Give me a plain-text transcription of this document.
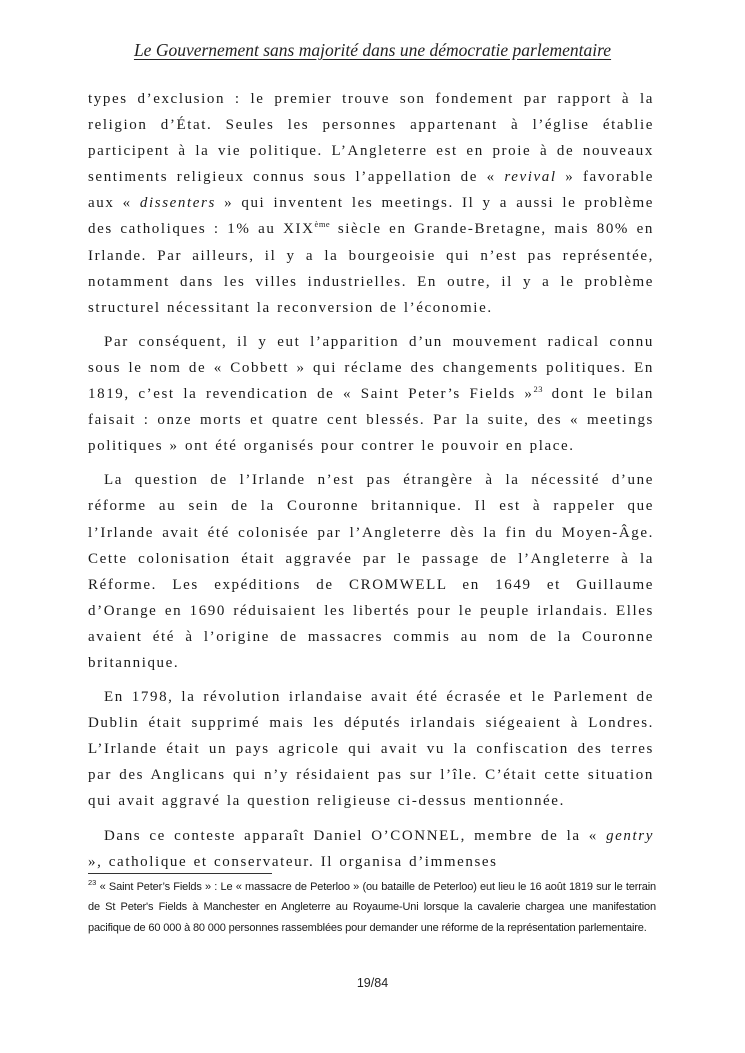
Le Gouvernement sans majorité dans une démocratie parlementaire

types d’exclusion : le premier trouve son fondement par rapport à la religion d’État. Seules les personnes appartenant à l’église établie participent à la vie politique. L’Angleterre est en proie à de nouveaux sentiments religieux connus sous l’appellation de « revival » favorable aux « dissenters » qui inventent les meetings. Il y a aussi le problème des catholiques : 1% au XIXème siècle en Grande-Bretagne, mais 80% en Irlande. Par ailleurs, il y a la bourgeoisie qui n’est pas représentée, notamment dans les villes industrielles. En outre, il y a le problème structurel nécessitant la reconversion de l’économie.

Par conséquent, il y eut l’apparition d’un mouvement radical connu sous le nom de « Cobbett » qui réclame des changements politiques. En 1819, c’est la revendication de « Saint Peter’s Fields »$^{23}$ dont le bilan faisait : onze morts et quatre cent blessés. Par la suite, des « meetings politiques » ont été organisés pour contrer le pouvoir en place.

La question de l’Irlande n’est pas étrangère à la nécessité d’une réforme au sein de la Couronne britannique. Il est à rappeler que l’Irlande avait été colonisée par l’Angleterre dès la fin du Moyen-Âge. Cette colonisation était aggravée par le passage de l’Angleterre à la Réforme. Les expéditions de CROMWELL en 1649 et Guillaume d’Orange en 1690 réduisaient les libertés pour le peuple irlandais. Elles avaient été à l’origine de massacres commis au nom de la Couronne britannique.

En 1798, la révolution irlandaise avait été écrasée et le Parlement de Dublin était supprimé mais les députés irlandais siégeaient à Londres. L’Irlande était un pays agricole qui avait vu la confiscation des terres par des Anglicans qui n’y résidaient pas sur l’île. C’était cette situation qui avait aggravé la question religieuse ci-dessus mentionnée.

Dans ce conteste apparaît Daniel O’CONNEL, membre de la « gentry », catholique et conservateur. Il organisa d’immenses

$^{23}$ « Saint Peter’s Fields » : Le « massacre de Peterloo » (ou bataille de Peterloo) eut lieu le 16 août 1819 sur le terrain de St Peter's Fields à Manchester en Angleterre au Royaume-Uni lorsque la cavalerie chargea une manifestation pacifique de 60 000 à 80 000 personnes rassemblées pour demander une réforme de la représentation parlementaire.
19/84
